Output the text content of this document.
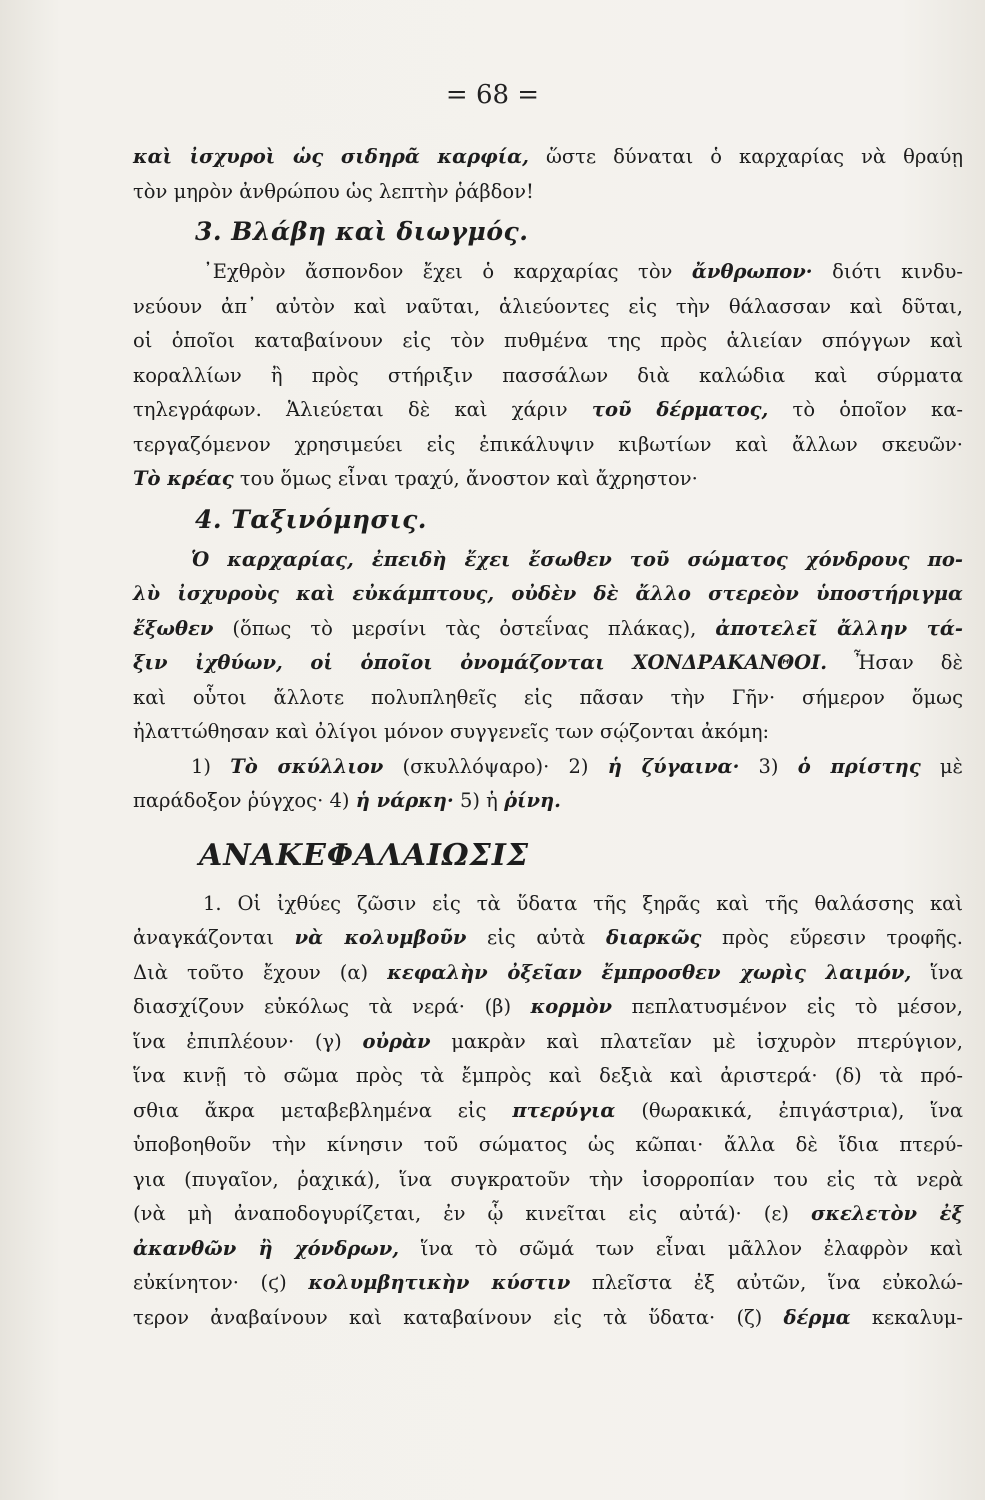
= 68 =
καὶ ἰσχυροὶ ὡς σιδηρᾶ καρφία, ὥστε δύναται ὁ καρχαρίας νὰ θραύῃ
τὸν μηρὸν ἀνθρώπου ὡς λεπτὴν ῥάβδον!
3. Βλάβη καὶ διωγμός.
᾿Εχθρὸν ἄσπονδον ἔχει ὁ καρχαρίας τὸν ἄνθρωπον· διότι κινδυ-
νεύουν ἀπ᾿ αὐτὸν καὶ ναῦται, ἁλιεύοντες εἰς τὴν θάλασσαν καὶ δῦται,
οἱ ὁποῖοι καταβαίνουν εἰς τὸν πυθμένα της πρὸς ἁλιείαν σπόγγων καὶ
κοραλλίων ἢ πρὸς στήριξιν πασσάλων διὰ καλώδια καὶ σύρματα
τηλεγράφων. Ἁλιεύεται δὲ καὶ χάριν τοῦ δέρματος, τὸ ὁποῖον κα-
τεργαζόμενον χρησιμεύει εἰς ἐπικάλυψιν κιβωτίων καὶ ἄλλων σκευῶν·
Τὸ κρέας του ὅμως εἶναι τραχύ, ἄνοστον καὶ ἄχρηστον·
4. Ταξινόμησις.
Ὁ καρχαρίας, ἐπειδὴ ἔχει ἔσωθεν τοῦ σώματος χόνδρους πο-
λὺ ἰσχυροὺς καὶ εὐκάμπτους, οὐδὲν δὲ ἄλλο στερεὸν ὑποστήριγμα
ἔξωθεν (ὅπως τὸ μερσίνι τὰς ὀστεΐνας πλάκας), ἀποτελεῖ ἄλλην τά-
ξιν ἰχθύων, οἱ ὁποῖοι ὀνομάζονται ΧΟΝΔΡΑΚΑΝΘΟΙ. Ἦσαν δὲ
καὶ οὗτοι ἄλλοτε πολυπληθεῖς εἰς πᾶσαν τὴν Γῆν· σήμερον ὅμως
ἠλαττώθησαν καὶ ὀλίγοι μόνον συγγενεῖς των σῴζονται ἀκόμη:
1) Τὸ σκύλλιον (σκυλλόψαρο)· 2) ἡ ζύγαινα· 3) ὁ πρίστης μὲ
παράδοξον ῥύγχος· 4) ἡ νάρκη· 5) ἡ ῥίνη.
ΑΝΑΚΕΦΑΛΑΙΩΣΙΣ
1. Οἱ ἰχθύες ζῶσιν εἰς τὰ ὕδατα τῆς ξηρᾶς καὶ τῆς θαλάσσης καὶ
ἀναγκάζονται νὰ κολυμβοῦν εἰς αὐτὰ διαρκῶς πρὸς εὕρεσιν τροφῆς.
Διὰ τοῦτο ἔχουν (α) κεφαλὴν ὀξεῖαν ἔμπροσθεν χωρὶς λαιμόν, ἵνα
διασχίζουν εὐκόλως τὰ νερά· (β) κορμὸν πεπλατυσμένον εἰς τὸ μέσον,
ἵνα ἐπιπλέουν· (γ) οὐρὰν μακρὰν καὶ πλατεῖαν μὲ ἰσχυρὸν πτερύγιον,
ἵνα κινῇ τὸ σῶμα πρὸς τὰ ἔμπρὸς καὶ δεξιὰ καὶ ἀριστερά· (δ) τὰ πρό-
σθια ἄκρα μεταβεβλημένα εἰς πτερύγια (θωρακικά, ἐπιγάστρια), ἵνα
ὑποβοηθοῦν τὴν κίνησιν τοῦ σώματος ὡς κῶπαι· ἄλλα δὲ ἴδια πτερύ-
για (πυγαῖον, ῥαχικά), ἵνα συγκρατοῦν τὴν ἰσορροπίαν του εἰς τὰ νερὰ
(νὰ μὴ ἀναποδογυρίζεται, ἐν ᾧ κινεῖται εἰς αὐτά)· (ε) σκελετὸν ἐξ
ἀκανθῶν ἢ χόνδρων, ἵνα τὸ σῶμά των εἶναι μᾶλλον ἐλαφρὸν καὶ
εὐκίνητον· (ϛ) κολυμβητικὴν κύστιν πλεῖστα ἐξ αὐτῶν, ἵνα εὐκολώ-
τερον ἀναβαίνουν καὶ καταβαίνουν εἰς τὰ ὕδατα· (ζ) δέρμα κεκαλυμ-
